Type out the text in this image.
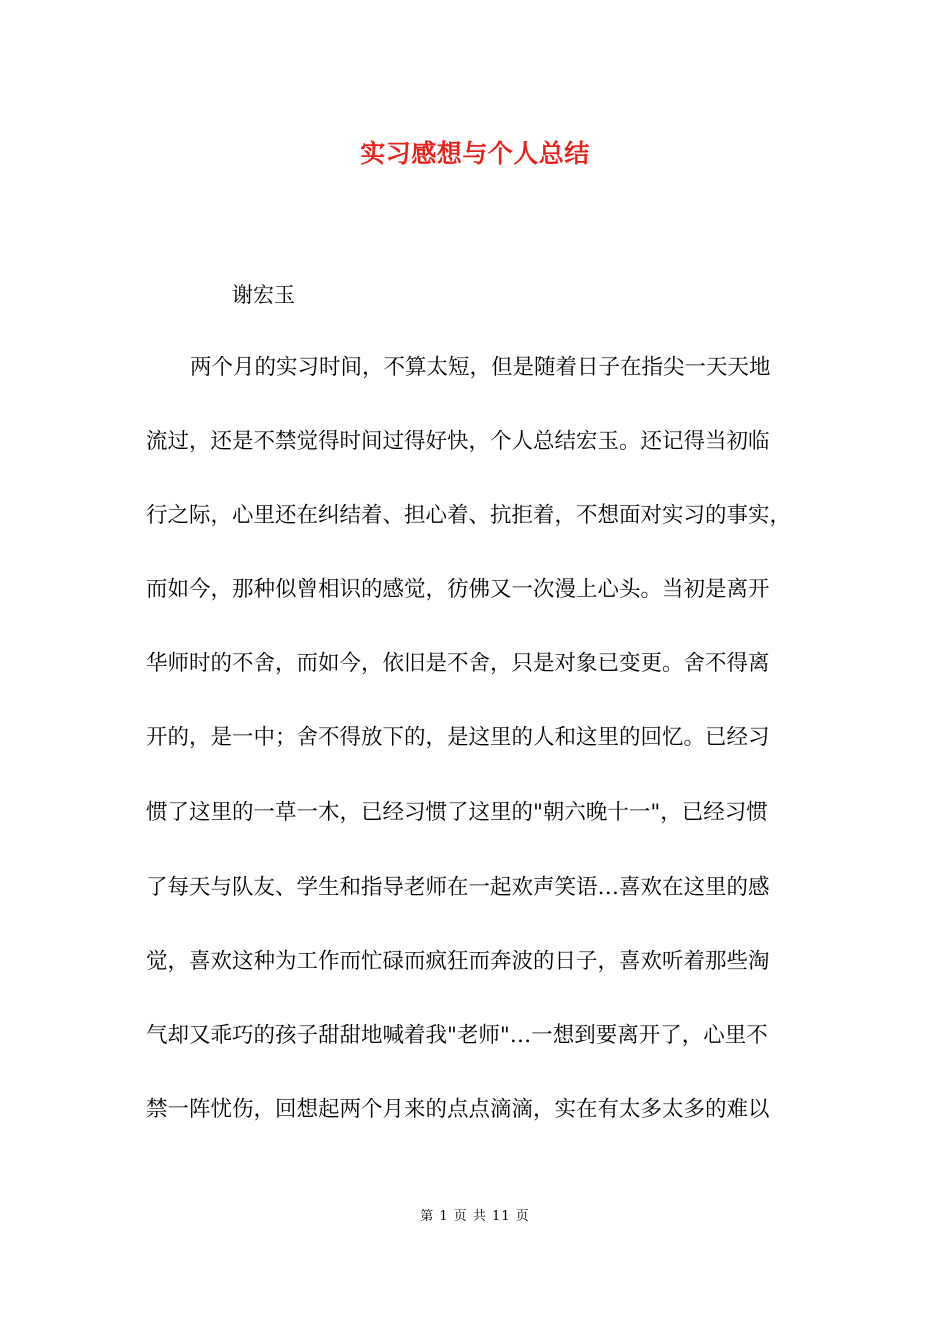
实习感想与个人总结
谢宏玉
两个月的实习时间，不算太短，但是随着日子在指尖一天天地
流过，还是不禁觉得时间过得好快，个人总结宏玉。还记得当初临
行之际，心里还在纠结着、担心着、抗拒着，不想面对实习的事实，
而如今，那种似曾相识的感觉，彷佛又一次漫上心头。当初是离开
华师时的不舍，而如今，依旧是不舍，只是对象已变更。舍不得离
开的，是一中；舍不得放下的，是这里的人和这里的回忆。已经习
惯了这里的一草一木，已经习惯了这里的"朝六晚十一"，已经习惯
了每天与队友、学生和指导老师在一起欢声笑语…喜欢在这里的感
觉，喜欢这种为工作而忙碌而疯狂而奔波的日子，喜欢听着那些淘
气却又乖巧的孩子甜甜地喊着我"老师"…一想到要离开了，心里不
禁一阵忧伤，回想起两个月来的点点滴滴，实在有太多太多的难以
第 1 页 共 11 页
